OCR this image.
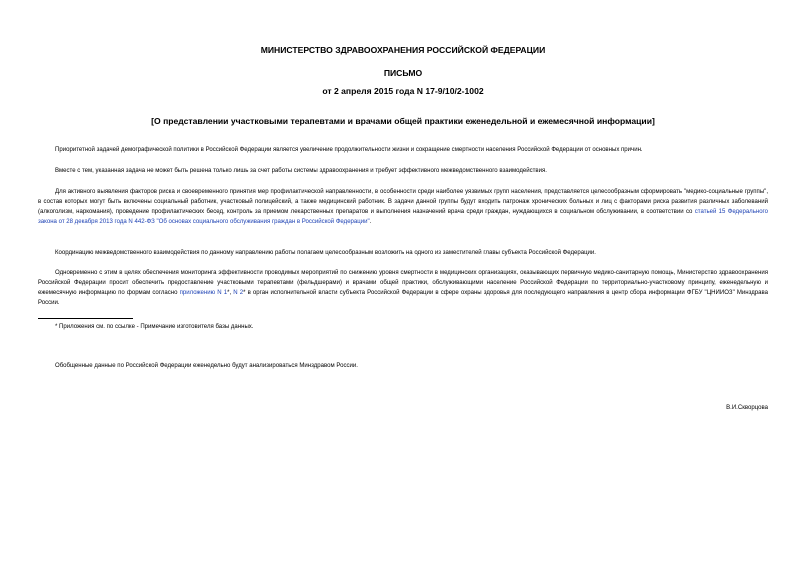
МИНИСТЕРСТВО ЗДРАВООХРАНЕНИЯ РОССИЙСКОЙ ФЕДЕРАЦИИ
ПИСЬМО
от 2 апреля 2015 года N 17-9/10/2-1002
[О представлении участковыми терапевтами и врачами общей практики еженедельной и ежемесячной информации]

Приоритетной задачей демографической политики в Российской Федерации является увеличение продолжительности жизни и сокращение смертности населения Российской Федерации от основных причин.

Вместе с тем, указанная задача не может быть решена только лишь за счет работы системы здравоохранения и требует эффективного межведомственного взаимодействия.

Для активного выявления факторов риска и своевременного принятия мер профилактической направленности, в особенности среди наиболее уязвимых групп населения, представляется целесообразным сформировать "медико-социальные группы", в состав которых могут быть включены социальный работник, участковый полицейский, а также медицинский работник. В задачи данной группы будут входить патронаж хронических больных и лиц с факторами риска развития различных заболеваний (алкоголизм, наркомания), проведение профилактических бесед, контроль за приемом лекарственных препаратов и выполнения назначений врача среди граждан, нуждающихся в социальном обслуживании, в соответствии со статьей 15 Федерального закона от 28 декабря 2013 года N 442-ФЗ "Об основах социального обслуживания граждан в Российской Федерации".

Координацию межведомственного взаимодействия по данному направлению работы полагаем целесообразным возложить на одного из заместителей главы субъекта Российской Федерации.

Одновременно с этим в целях обеспечения мониторинга эффективности проводимых мероприятий по снижению уровня смертности в медицинских организациях, оказывающих первичную медико-санитарную помощь, Министерство здравоохранения Российской Федерации просит обеспечить предоставление участковыми терапевтами (фельдшерами) и врачами общей практики, обслуживающими население Российской Федерации по территориально-участковому принципу, еженедельную и ежемесячную информацию по формам согласно приложению N 1*, N 2* в орган исполнительной власти субъекта Российской Федерации в сфере охраны здоровья для последующего направления в центр сбора информации ФГБУ "ЦНИИОЗ" Минздрава России.

* Приложения см. по ссылке - Примечание изготовителя базы данных.

Обобщенные данные по Российской Федерации еженедельно будут анализироваться Минздравом России.

В.И.Скворцова
